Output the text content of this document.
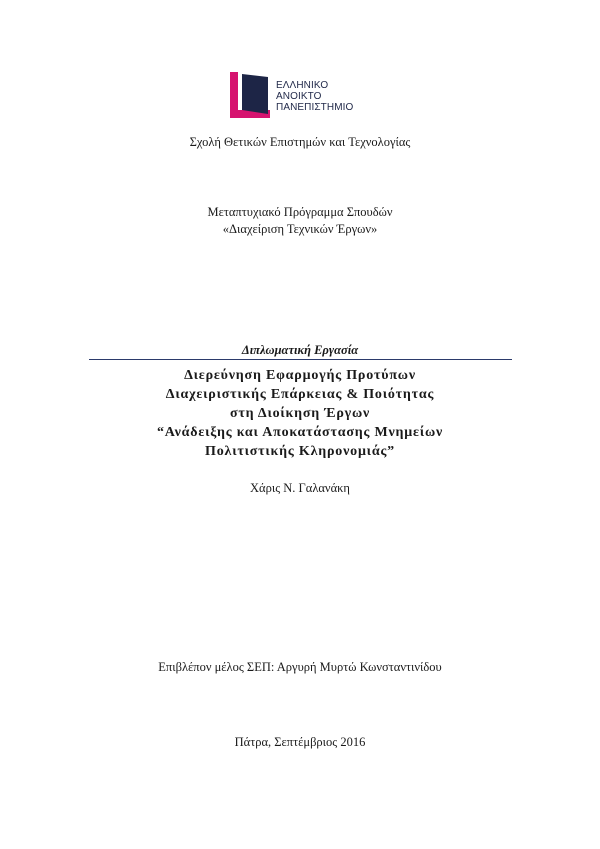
ΕΛΛΗΝΙΚΟ
ΑΝΟΙΚΤΟ
ΠΑΝΕΠΙΣΤΗΜΙΟ
Σχολή Θετικών Επιστημών και Τεχνολογίας
Μεταπτυχιακό Πρόγραμμα Σπουδών
«Διαχείριση Τεχνικών Έργων»
Διπλωματική Εργασία
Διερεύνηση Εφαρμογής Προτύπων
Διαχειριστικής Επάρκειας & Ποιότητας
στη Διοίκηση Έργων
“Ανάδειξης και Αποκατάστασης Μνημείων
Πολιτιστικής Κληρονομιάς”
Χάρις Ν. Γαλανάκη
Επιβλέπον μέλος ΣΕΠ: Αργυρή Μυρτώ Κωνσταντινίδου
Πάτρα, Σεπτέμβριος 2016
